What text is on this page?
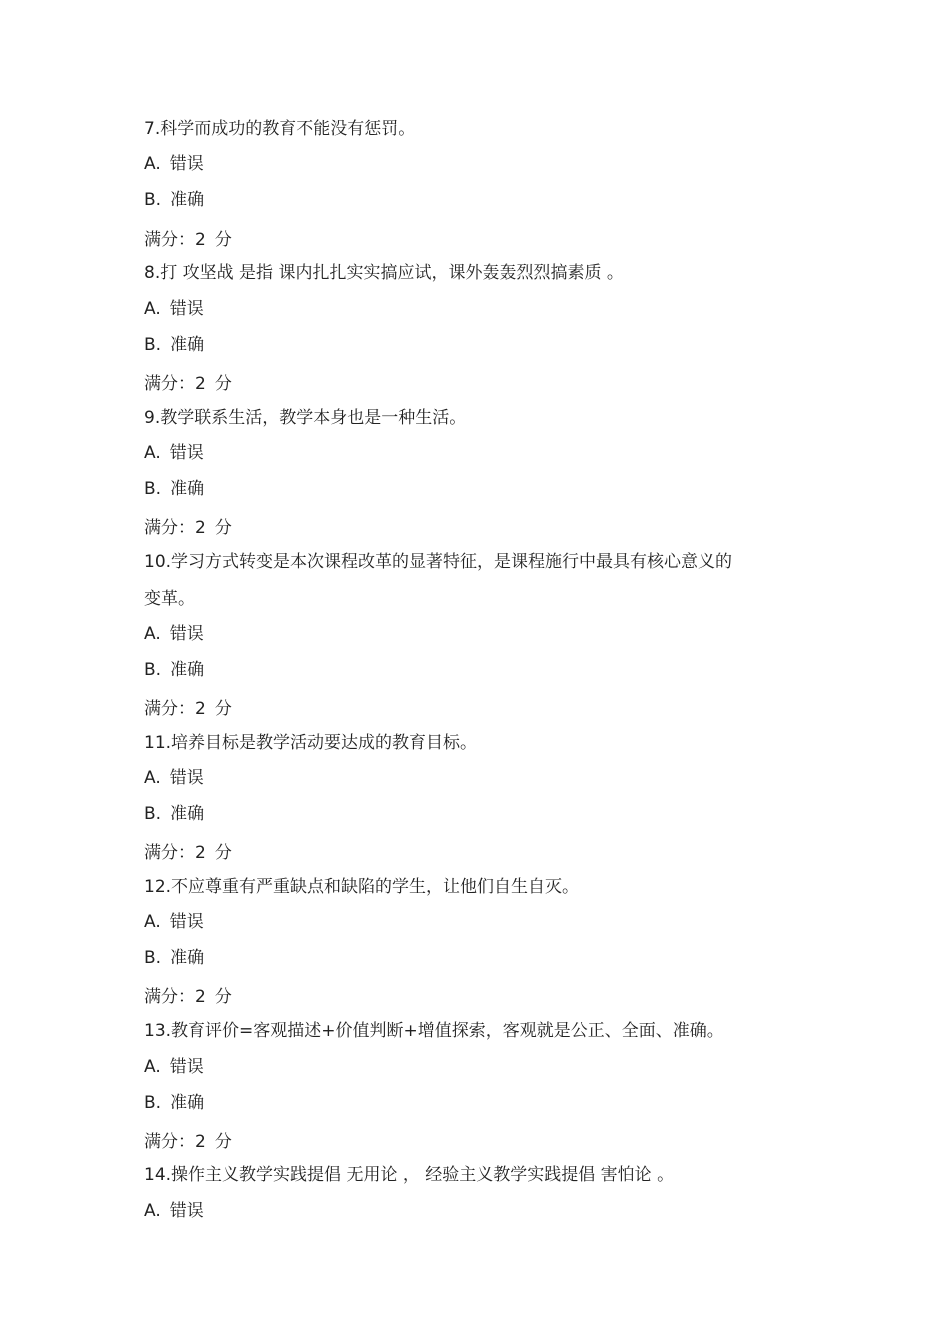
7.科学而成功的教育不能没有惩罚。
A. 错误
B. 准确
满分：2 分
8.打 攻坚战 是指 课内扎扎实实搞应试，课外轰轰烈烈搞素质 。
A. 错误
B. 准确
满分：2 分
9.教学联系生活，教学本身也是一种生活。
A. 错误
B. 准确
满分：2 分
10.学习方式转变是本次课程改革的显著特征，是课程施行中最具有核心意义的
变革。
A. 错误
B. 准确
满分：2 分
11.培养目标是教学活动要达成的教育目标。
A. 错误
B. 准确
满分：2 分
12.不应尊重有严重缺点和缺陷的学生，让他们自生自灭。
A. 错误
B. 准确
满分：2 分
13.教育评价=客观描述+价值判断+增值探索，客观就是公正、全面、准确。
A. 错误
B. 准确
满分：2 分
14.操作主义教学实践提倡 无用论 ， 经验主义教学实践提倡 害怕论 。
A. 错误
